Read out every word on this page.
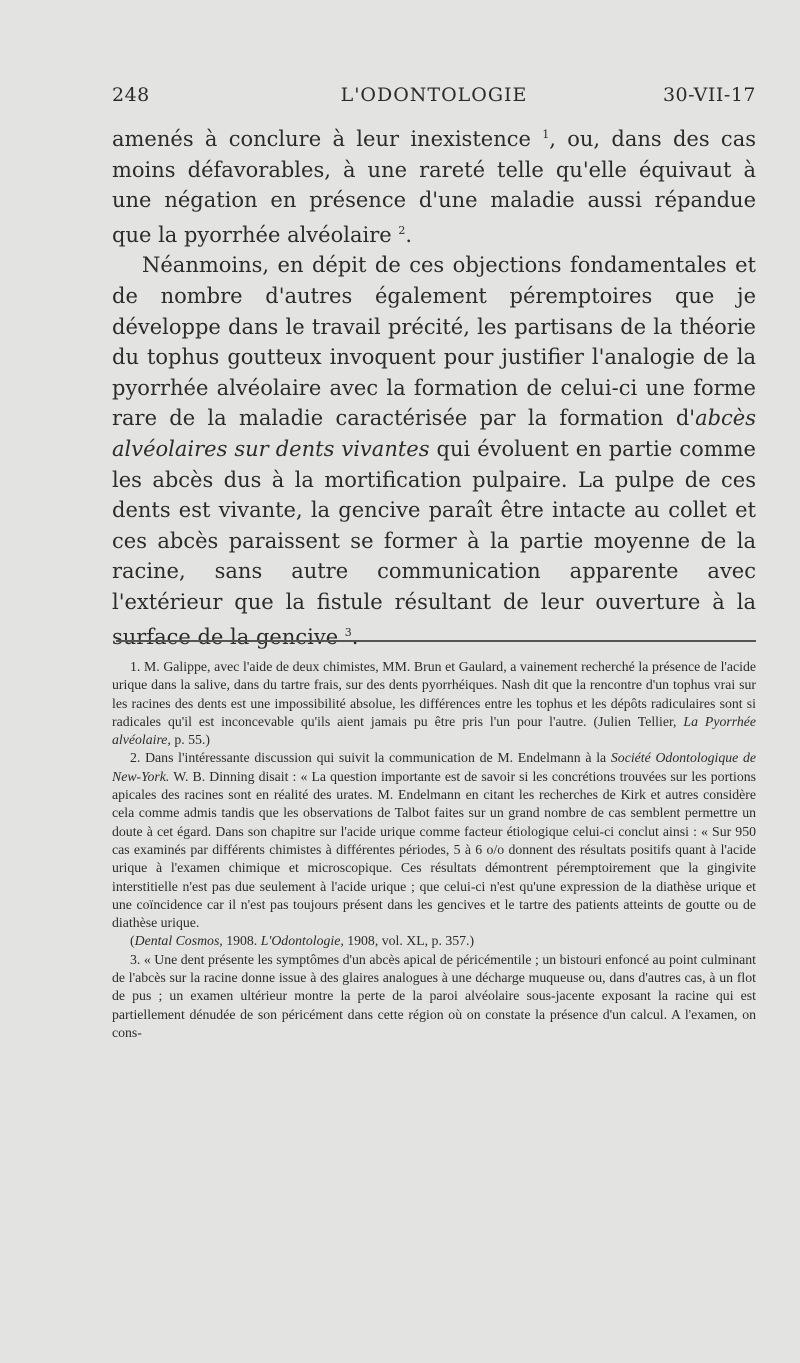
248	L'ODONTOLOGIE	30-VII-17

amenés à conclure à leur inexistence $^1$, ou, dans des cas moins défavorables, à une rareté telle qu'elle équivaut à une négation en présence d'une maladie aussi répandue que la pyorrhée alvéolaire $^2$.

Néanmoins, en dépit de ces objections fondamentales et de nombre d'autres également péremptoires que je développe dans le travail précité, les partisans de la théorie du tophus goutteux invoquent pour justifier l'analogie de la pyorrhée alvéolaire avec la formation de celui-ci une forme rare de la maladie caractérisée par la formation d'abcès alvéolaires sur dents vivantes qui évoluent en partie comme les abcès dus à la mortification pulpaire. La pulpe de ces dents est vivante, la gencive paraît être intacte au collet et ces abcès paraissent se former à la partie moyenne de la racine, sans autre communication apparente avec l'extérieur que la fistule résultant de leur ouverture à la surface de la gencive $^3$.

1. M. Galippe, avec l'aide de deux chimistes, MM. Brun et Gaulard, a vainement recherché la présence de l'acide urique dans la salive, dans du tartre frais, sur des dents pyorrhéiques. Nash dit que la rencontre d'un tophus vrai sur les racines des dents est une impossibilité absolue, les différences entre les tophus et les dépôts radiculaires sont si radicales qu'il est inconcevable qu'ils aient jamais pu être pris l'un pour l'autre. (Julien Tellier, La Pyorrhée alvéolaire, p. 55.)

2. Dans l'intéressante discussion qui suivit la communication de M. Endelmann à la Société Odontologique de New-York. W. B. Dinning disait : « La question importante est de savoir si les concrétions trouvées sur les portions apicales des racines sont en réalité des urates. M. Endelmann en citant les recherches de Kirk et autres considère cela comme admis tandis que les observations de Talbot faites sur un grand nombre de cas semblent permettre un doute à cet égard. Dans son chapitre sur l'acide urique comme facteur étiologique celui-ci conclut ainsi : « Sur 950 cas examinés par différents chimistes à différentes périodes, 5 à 6 o/o donnent des résultats positifs quant à l'acide urique à l'examen chimique et microscopique. Ces résultats démontrent péremptoirement que la gingivite interstitielle n'est pas due seulement à l'acide urique ; que celui-ci n'est qu'une expression de la diathèse urique et une coïncidence car il n'est pas toujours présent dans les gencives et le tartre des patients atteints de goutte ou de diathèse urique.

(Dental Cosmos, 1908. L'Odontologie, 1908, vol. XL, p. 357.)

3. « Une dent présente les symptômes d'un abcès apical de péricémentile ; un bistouri enfoncé au point culminant de l'abcès sur la racine donne issue à des glaires analogues à une décharge muqueuse ou, dans d'autres cas, à un flot de pus ; un examen ultérieur montre la perte de la paroi alvéolaire sous-jacente exposant la racine qui est partiellement dénudée de son péricément dans cette région où on constate la présence d'un calcul. A l'examen, on cons-
